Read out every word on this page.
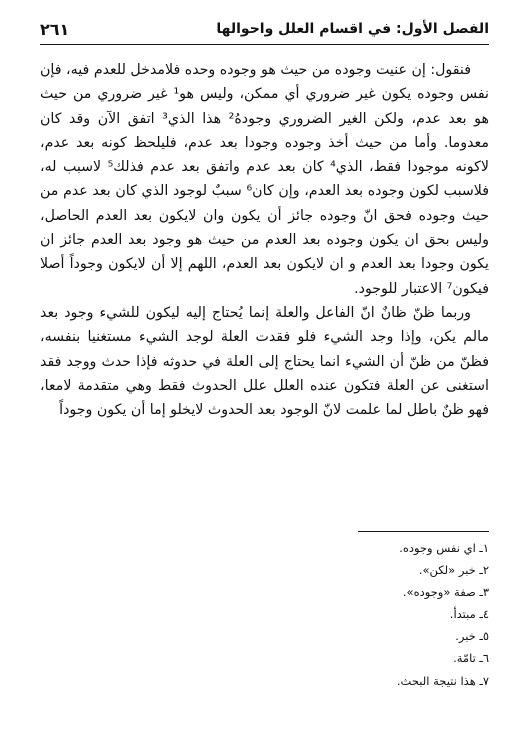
الفصل الأول: في اقسام العلل واحوالها
٢٦١

فنقول: إن عنيت وجوده من حيث هو وجوده وحده فلامدخل للعدم فيه، فإن نفس وجوده يكون غير ضروري أي ممكن، وليس هو¹ غير ضروري من حيث هو بعد عدم، ولكن الغير الضروري وجودهُ² هذا الذي³ اتفق الآن وقد كان معدوما. وأما من حيث أخذ وجوده وجودا بعد عدم، فليلحظ كونه بعد عدم، لاكونه موجودا فقط، الذي⁴ كان بعد عدم واتفق بعد عدم فذلك⁵ لاسبب له، فلاسبب لكون وجوده بعد العدم، وإن كان⁶ سببٌ لوجود الذي كان بعد عدم من حيث وجوده فحق انّ وجوده جائز أن يكون وان لايكون بعد العدم الحاصل، وليس بحق ان يكون وجوده بعد العدم من حيث هو وجود بعد العدم جائز ان يكون وجودا بعد العدم و ان لايكون بعد العدم، اللهم إلا أن لايكون وجوداً أصلا فيكون⁷ الاعتبار للوجود.

وربما ظنّ ظانٌ انّ الفاعل والعلة إنما يُحتاج إليه ليكون للشيء وجود بعد مالم يكن، وإذا وجد الشيء فلو فقدت العلة لوجد الشيء مستغنيا بنفسه، فظنّ من ظنّ أن الشيء انما يحتاج إلى العلة في حدوثه فإذا حدث ووجد فقد استغنى عن العلة فتكون عنده العلل علل الحدوث فقط وهي متقدمة لامعا، فهو ظنٌ باطل لما علمت لانّ الوجود بعد الحدوث لايخلو إما أن يكون وجوداً

١ـ اي نفس وجوده.

٢ـ خبر «لكن».

٣ـ صفة «وجوده».

٤ـ مبتدأ.

٥ـ خبر.

٦ـ تامّة.

٧ـ هذا نتيجة البحث.
